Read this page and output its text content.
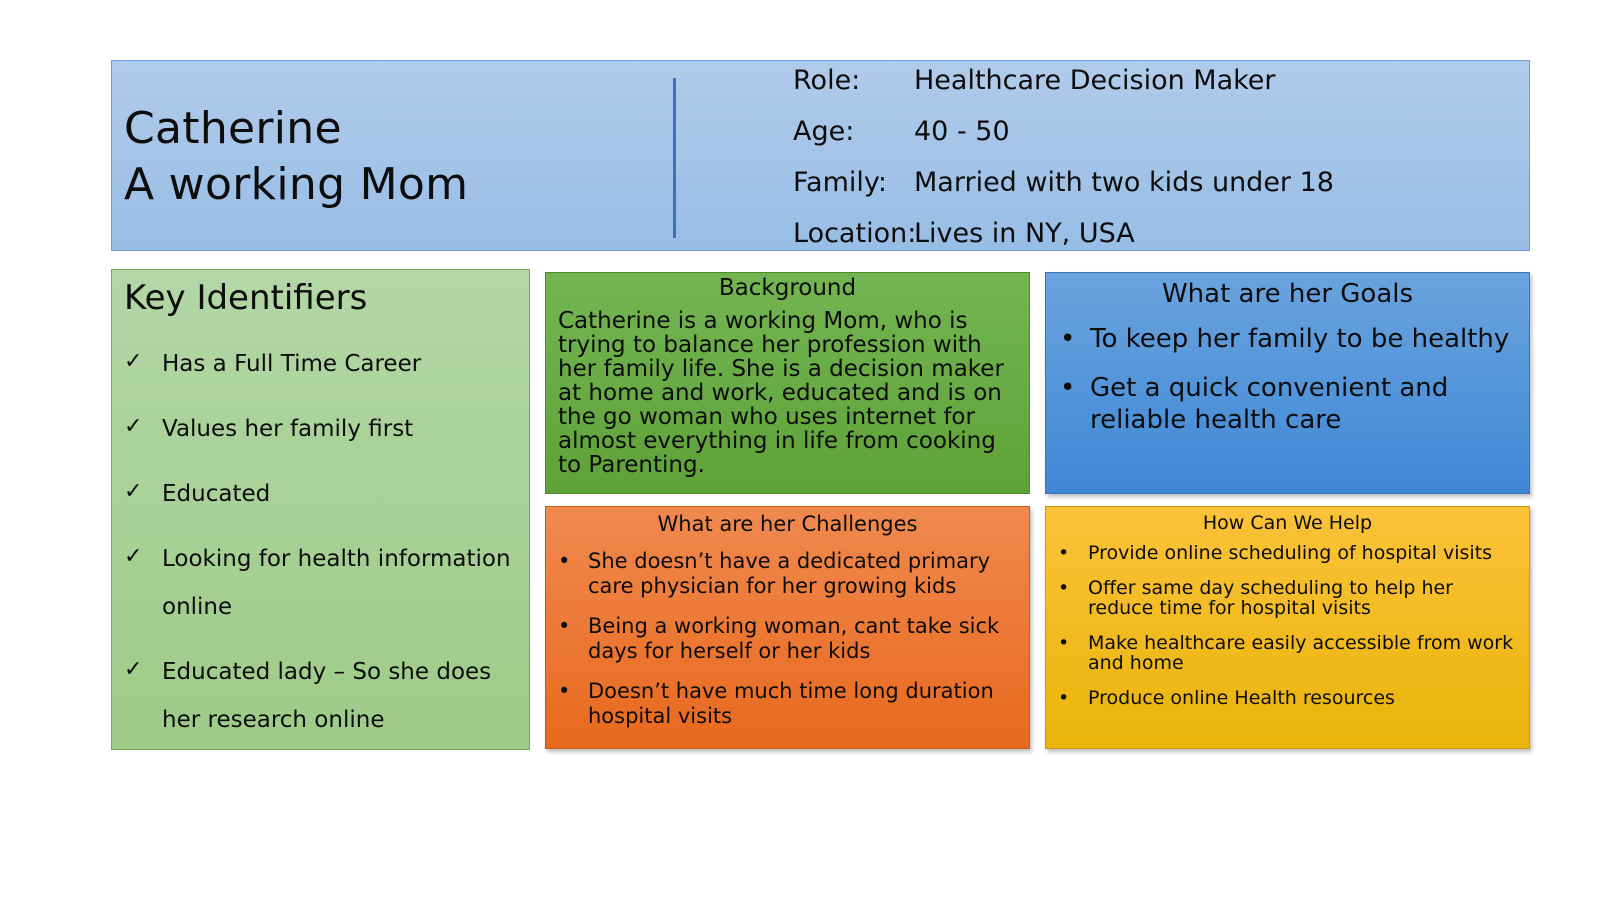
Catherine
A working Mom
Role: Healthcare Decision Maker
Age: 40 - 50
Family: Married with two kids under 18
Location:
Lives in NY, USA
Key Identifiers
✓ Has a Full Time Career
✓ Values her family first
✓ Educated
✓ Looking for health information online
✓ Educated lady – So she does her research online
Background

Catherine is a working Mom, who is trying to balance her profession with her family life. She is a decision maker at home and work, educated and is on the go woman who uses internet for almost everything in life from cooking to Parenting.

What are her Goals
• To keep her family to be healthy
• Get a quick convenient and reliable health care
What are her Challenges
• She doesn’t have a dedicated primary care physician for her growing kids
• Being a working woman, cant take sick days for herself or her kids
• Doesn’t have much time long duration hospital visits
How Can We Help
• Provide online scheduling of hospital visits
• Offer same day scheduling to help her reduce time for hospital visits
• Make healthcare easily accessible from work and home
• Produce online Health resources
